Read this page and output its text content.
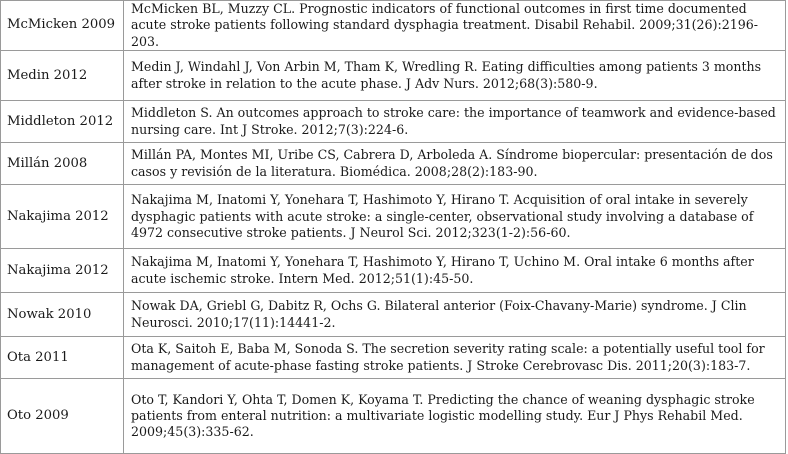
McMicken 2009	McMicken BL, Muzzy CL. Prognostic indicators of functional outcomes in first time documented acute stroke patients following standard dysphagia treatment. Disabil Rehabil. 2009;31(26):2196-203.
Medin 2012	Medin J, Windahl J, Von Arbin M, Tham K, Wredling R. Eating difficulties among patients 3 months after stroke in relation to the acute phase. J Adv Nurs. 2012;68(3):580-9.
Middleton 2012	Middleton S. An outcomes approach to stroke care: the importance of teamwork and evidence-based nursing care. Int J Stroke. 2012;7(3):224-6.
Millán 2008	Millán PA, Montes MI, Uribe CS, Cabrera D, Arboleda A. Síndrome biopercular: presentación de dos casos y revisión de la literatura. Biomédica. 2008;28(2):183-90.
Nakajima 2012	Nakajima M, Inatomi Y, Yonehara T, Hashimoto Y, Hirano T. Acquisition of oral intake in severely dysphagic patients with acute stroke: a single-center, observational study involving a database of 4972 consecutive stroke patients. J Neurol Sci. 2012;323(1-2):56-60.
Nakajima 2012	Nakajima M, Inatomi Y, Yonehara T, Hashimoto Y, Hirano T, Uchino M. Oral intake 6 months after acute ischemic stroke. Intern Med. 2012;51(1):45-50.
Nowak 2010	Nowak DA, Griebl G, Dabitz R, Ochs G. Bilateral anterior (Foix-Chavany-Marie) syndrome. J Clin Neurosci. 2010;17(11):14441-2.
Ota 2011	Ota K, Saitoh E, Baba M, Sonoda S. The secretion severity rating scale: a potentially useful tool for management of acute-phase fasting stroke patients. J Stroke Cerebrovasc Dis. 2011;20(3):183-7.
Oto 2009	Oto T, Kandori Y, Ohta T, Domen K, Koyama T. Predicting the chance of weaning dysphagic stroke patients from enteral nutrition: a multivariate logistic modelling study. Eur J Phys Rehabil Med. 2009;45(3):335-62.
